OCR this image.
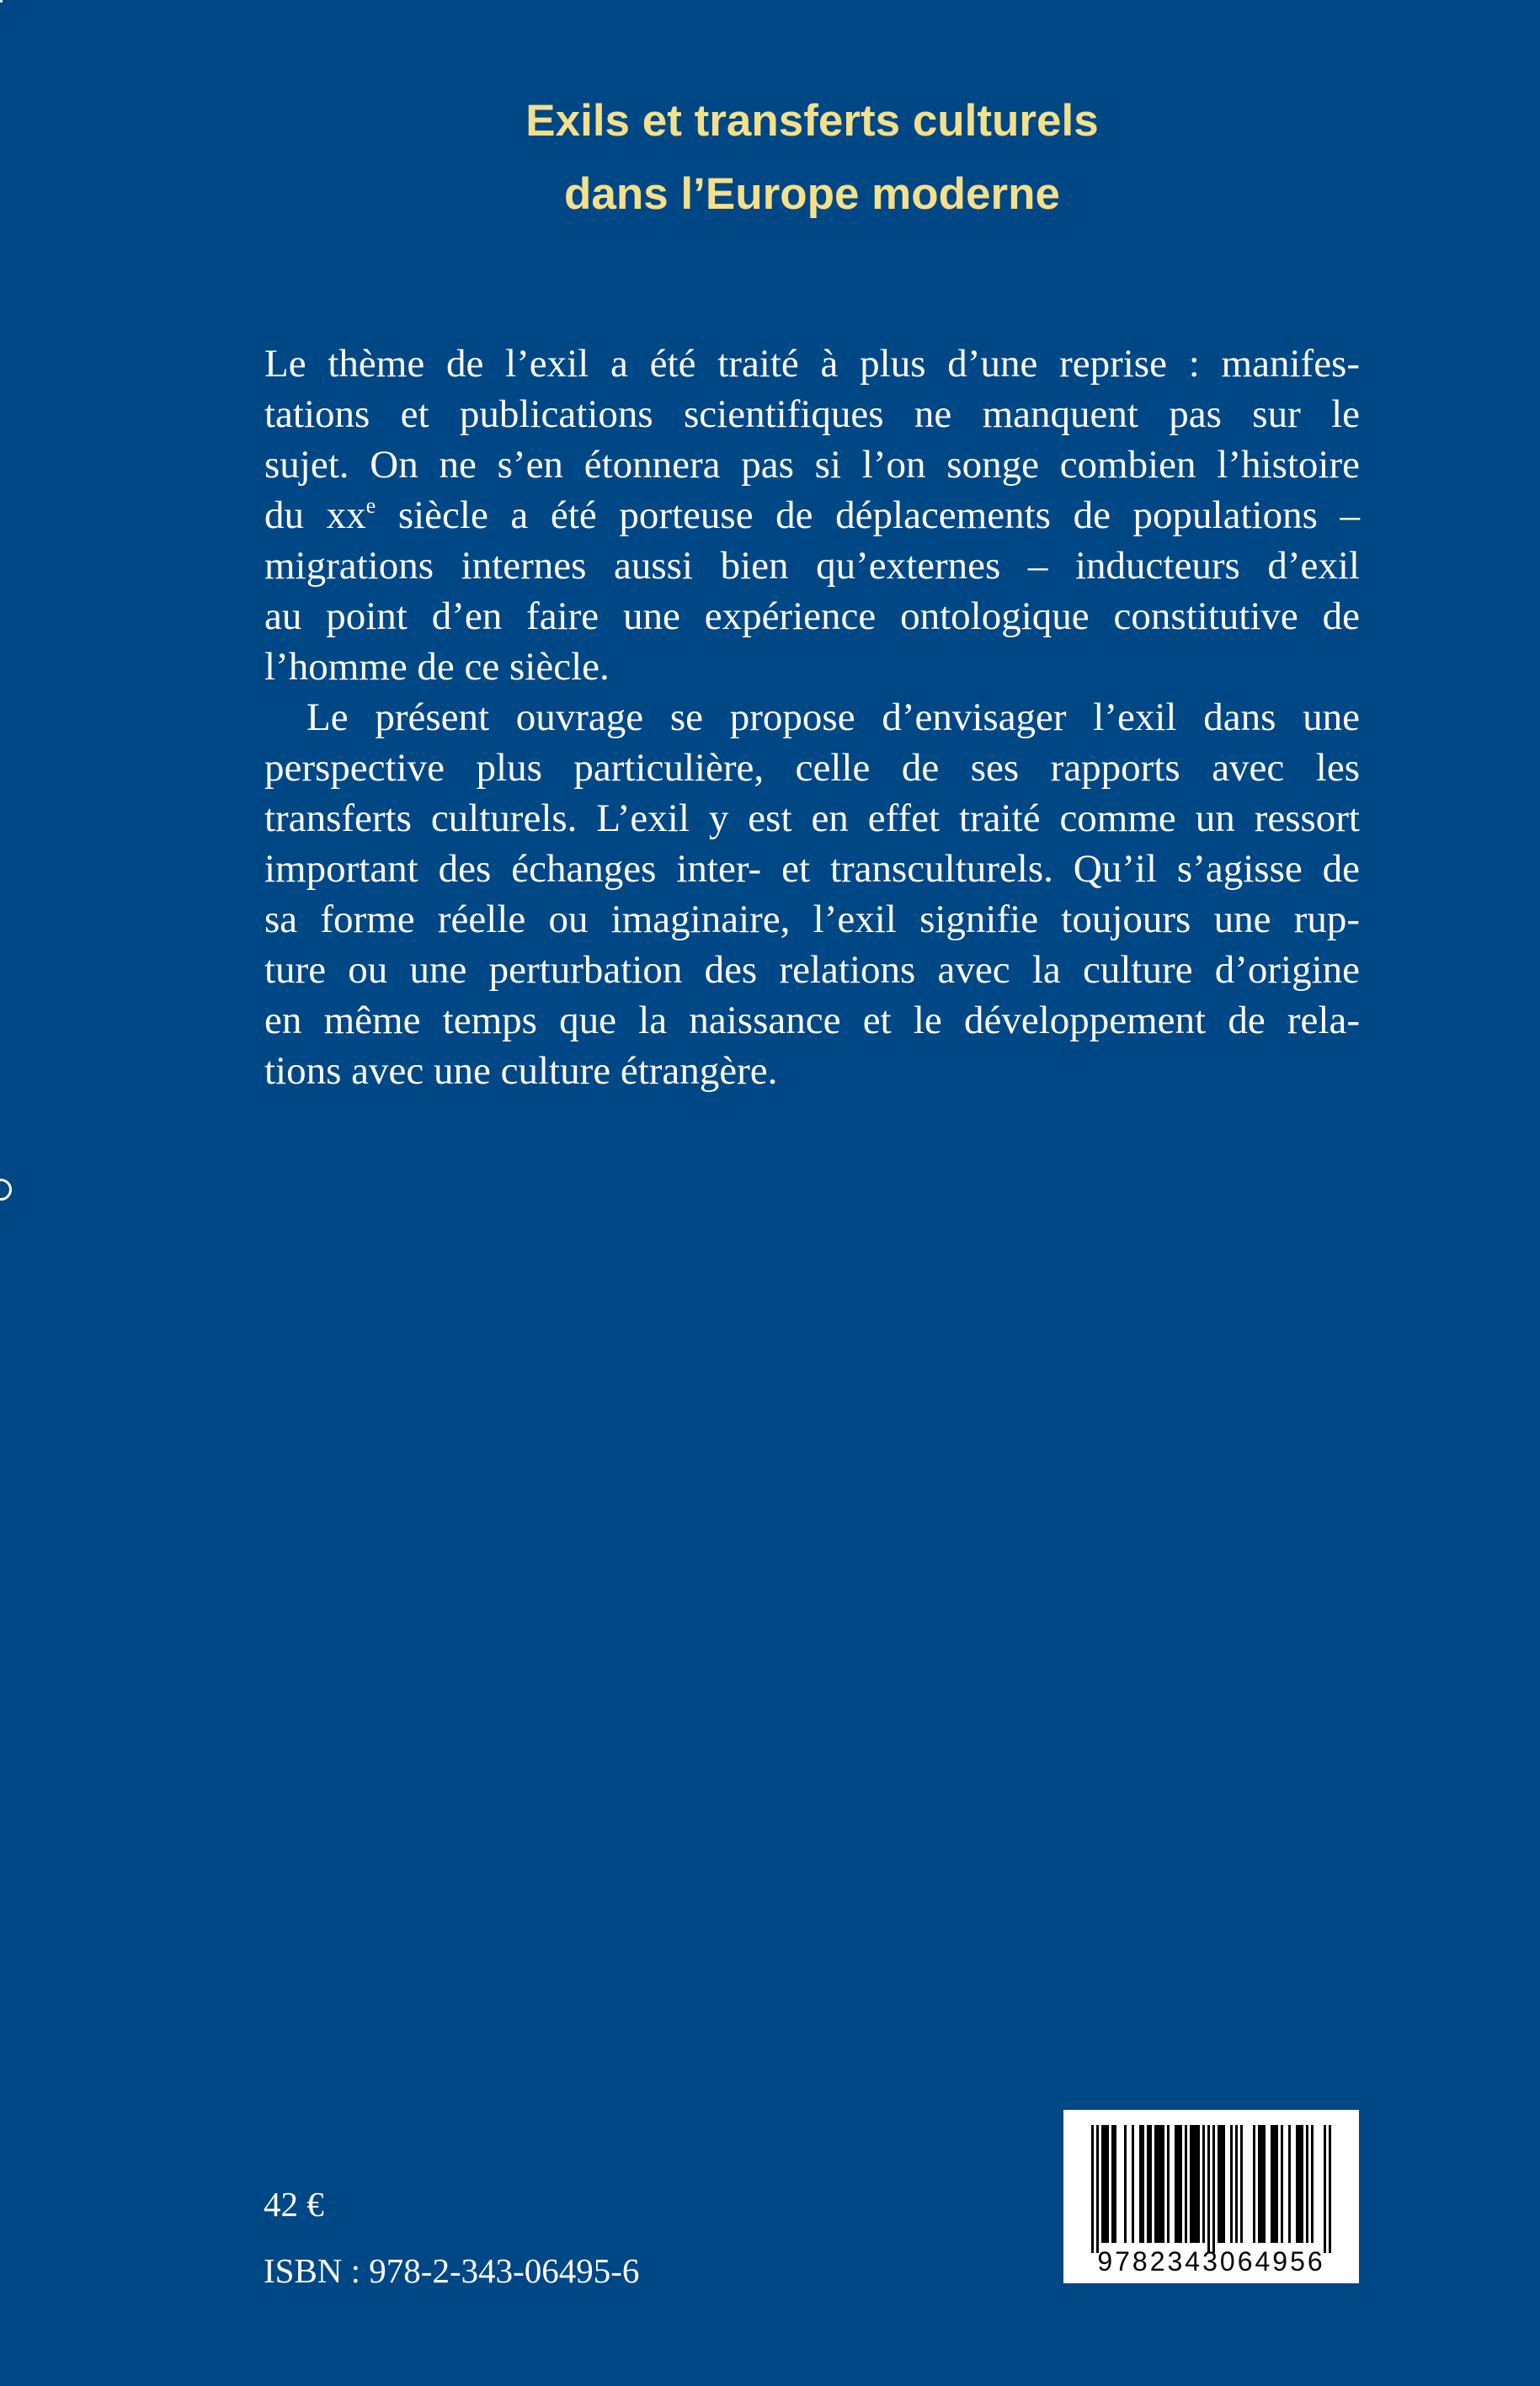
Exils et transferts culturels
dans l’Europe moderne
Le thème de l’exil a été traité à plus d’une reprise : manifes-
tations et publications scientifiques ne manquent pas sur le
sujet. On ne s’en étonnera pas si l’on songe combien l’histoire
du $xx^e$ siècle a été porteuse de déplacements de populations –
migrations internes aussi bien qu’externes – inducteurs d’exil
au point d’en faire une expérience ontologique constitutive de
l’homme de ce siècle.
Le présent ouvrage se propose d’envisager l’exil dans une
perspective plus particulière, celle de ses rapports avec les
transferts culturels. L’exil y est en effet traité comme un ressort
important des échanges inter- et transculturels. Qu’il s’agisse de
sa forme réelle ou imaginaire, l’exil signifie toujours une rup-
ture ou une perturbation des relations avec la culture d’origine
en même temps que la naissance et le développement de rela-
tions avec une culture étrangère.
42 €
ISBN : 978-2-343-06495-6	9782343064956
